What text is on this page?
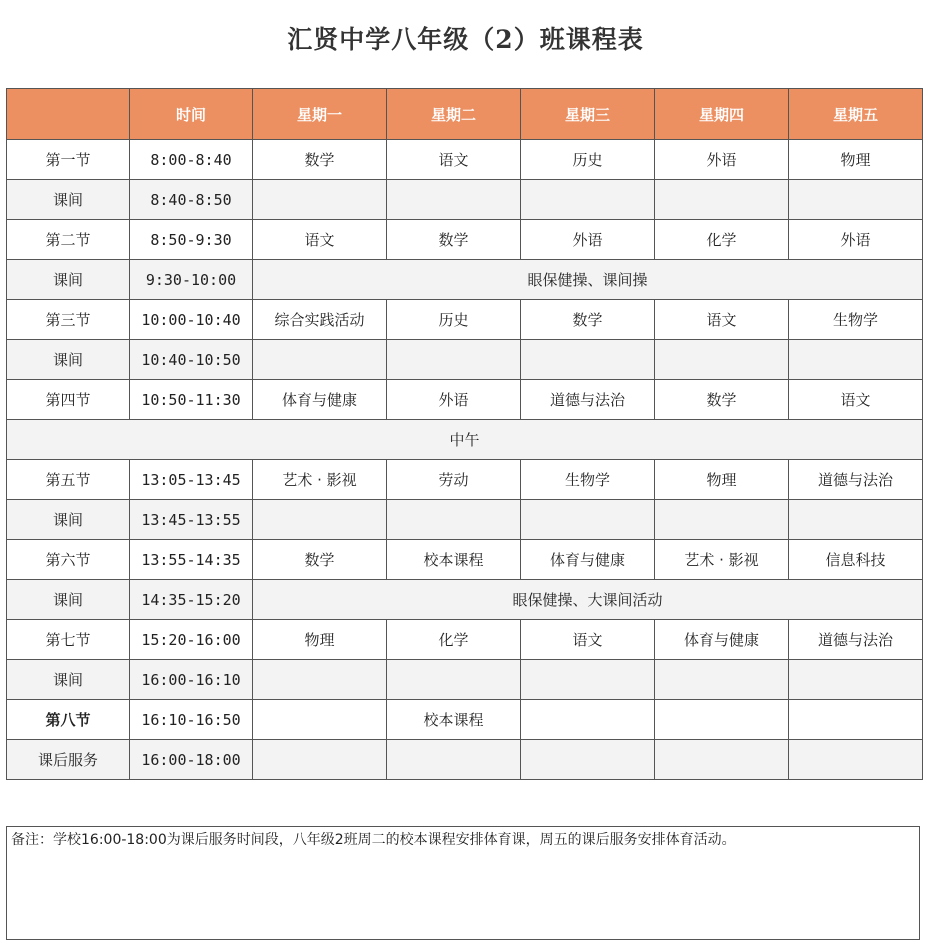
汇贤中学八年级（2）班课程表
	时间	星期一	星期二	星期三	星期四	星期五
第一节	8:00-8:40	数学	语文	历史	外语	物理
课间	8:40-8:50					
第二节	8:50-9:30	语文	数学	外语	化学	外语
课间	9:30-10:00	眼保健操、课间操				
第三节	10:00-10:40	综合实践活动	历史	数学	语文	生物学
课间	10:40-10:50					
第四节	10:50-11:30	体育与健康	外语	道德与法治	数学	语文
中午						
第五节	13:05-13:45	艺术 · 影视	劳动	生物学	物理	道德与法治
课间	13:45-13:55					
第六节	13:55-14:35	数学	校本课程	体育与健康	艺术 · 影视	信息科技
课间	14:35-15:20	眼保健操、大课间活动				
第七节	15:20-16:00	物理	化学	语文	体育与健康	道德与法治
课间	16:00-16:10					
第八节	16:10-16:50		校本课程			
课后服务	16:00-18:00					
备注：学校16:00-18:00为课后服务时间段，八年级2班周二的校本课程安排体育课，周五的课后服务安排体育活动。
